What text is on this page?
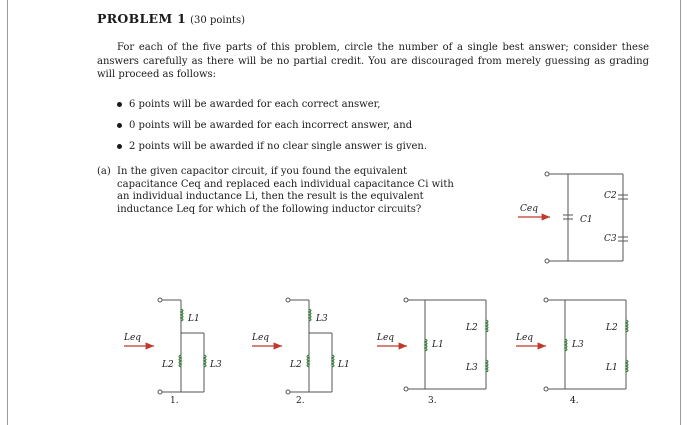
PROBLEM 1 (30 points)
For each of the five parts of this problem, circle the number of a single best answer; consider these answers carefully as there will be no partial credit. You are discouraged from merely guessing as grading will proceed as follows:
6 points will be awarded for each correct answer,
0 points will be awarded for each incorrect answer, and
2 points will be awarded if no clear single answer is given.
(a) In the given capacitor circuit, if you found the equivalent capacitance Ceq and replaced each individual capacitance Ci with an individual inductance Li, then the result is the equivalent inductance Leq for which of the following inductor circuits?	Ceq
C1
C2
C3
Leq
L1
L2	L3
Leq
L3
L2	L1
Leq
L1
L2
L3
Leq
L3
L2
L1
1.	2.	3.	4.
